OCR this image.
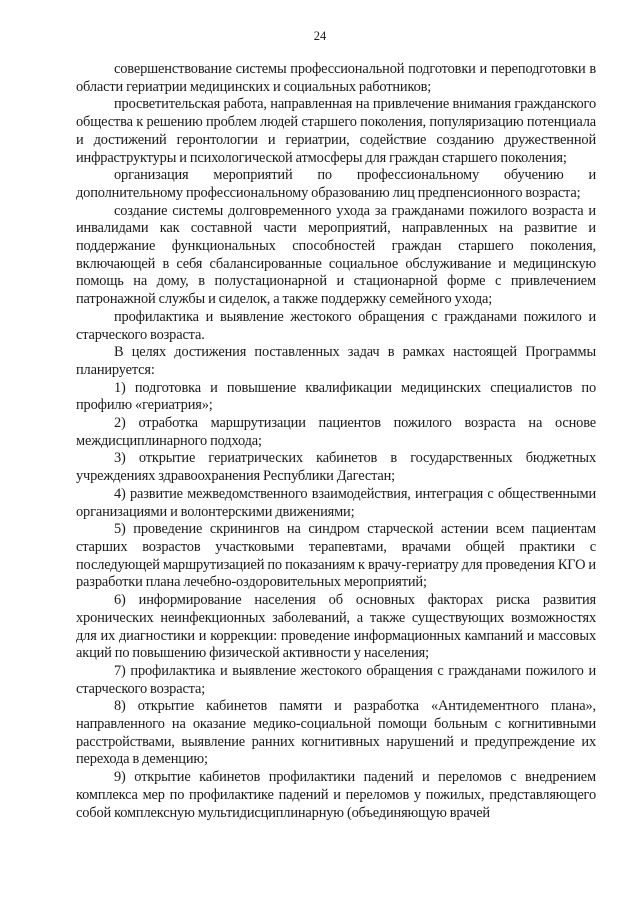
24

совершенствование системы профессиональной подготовки и переподготовки в области гериатрии медицинских и социальных работников;

просветительская работа, направленная на привлечение внимания гражданского общества к решению проблем людей старшего поколения, популяризацию потенциала и достижений геронтологии и гериатрии, содействие созданию дружественной инфраструктуры и психологической атмосферы для граждан старшего поколения;

организация мероприятий по профессиональному обучению и дополнительному профессиональному образованию лиц предпенсионного возраста;

создание системы долговременного ухода за гражданами пожилого возраста и инвалидами как составной части мероприятий, направленных на развитие и поддержание функциональных способностей граждан старшего поколения, включающей в себя сбалансированные социальное обслуживание и медицинскую помощь на дому, в полустационарной и стационарной форме с привлечением патронажной службы и сиделок, а также поддержку семейного ухода;

профилактика и выявление жестокого обращения с гражданами пожилого и старческого возраста.

В целях достижения поставленных задач в рамках настоящей Программы планируется:

1) подготовка и повышение квалификации медицинских специалистов по профилю «гериатрия»;

2) отработка маршрутизации пациентов пожилого возраста на основе междисциплинарного подхода;

3) открытие гериатрических кабинетов в государственных бюджетных учреждениях здравоохранения Республики Дагестан;

4) развитие межведомственного взаимодействия, интеграция с общественными организациями и волонтерскими движениями;

5) проведение скринингов на синдром старческой астении всем пациентам старших возрастов участковыми терапевтами, врачами общей практики с последующей маршрутизацией по показаниям к врачу-гериатру для проведения КГО и разработки плана лечебно-оздоровительных мероприятий;

6) информирование населения об основных факторах риска развития хронических неинфекционных заболеваний, а также существующих возможностях для их диагностики и коррекции: проведение информационных кампаний и массовых акций по повышению физической активности у населения;

7) профилактика и выявление жестокого обращения с гражданами пожилого и старческого возраста;

8) открытие кабинетов памяти и разработка «Антидементного плана», направленного на оказание медико-социальной помощи больным с когнитивными расстройствами, выявление ранних когнитивных нарушений и предупреждение их перехода в деменцию;

9) открытие кабинетов профилактики падений и переломов с внедрением комплекса мер по профилактике падений и переломов у пожилых, представляющего собой комплексную мультидисциплинарную (объединяющую врачей
